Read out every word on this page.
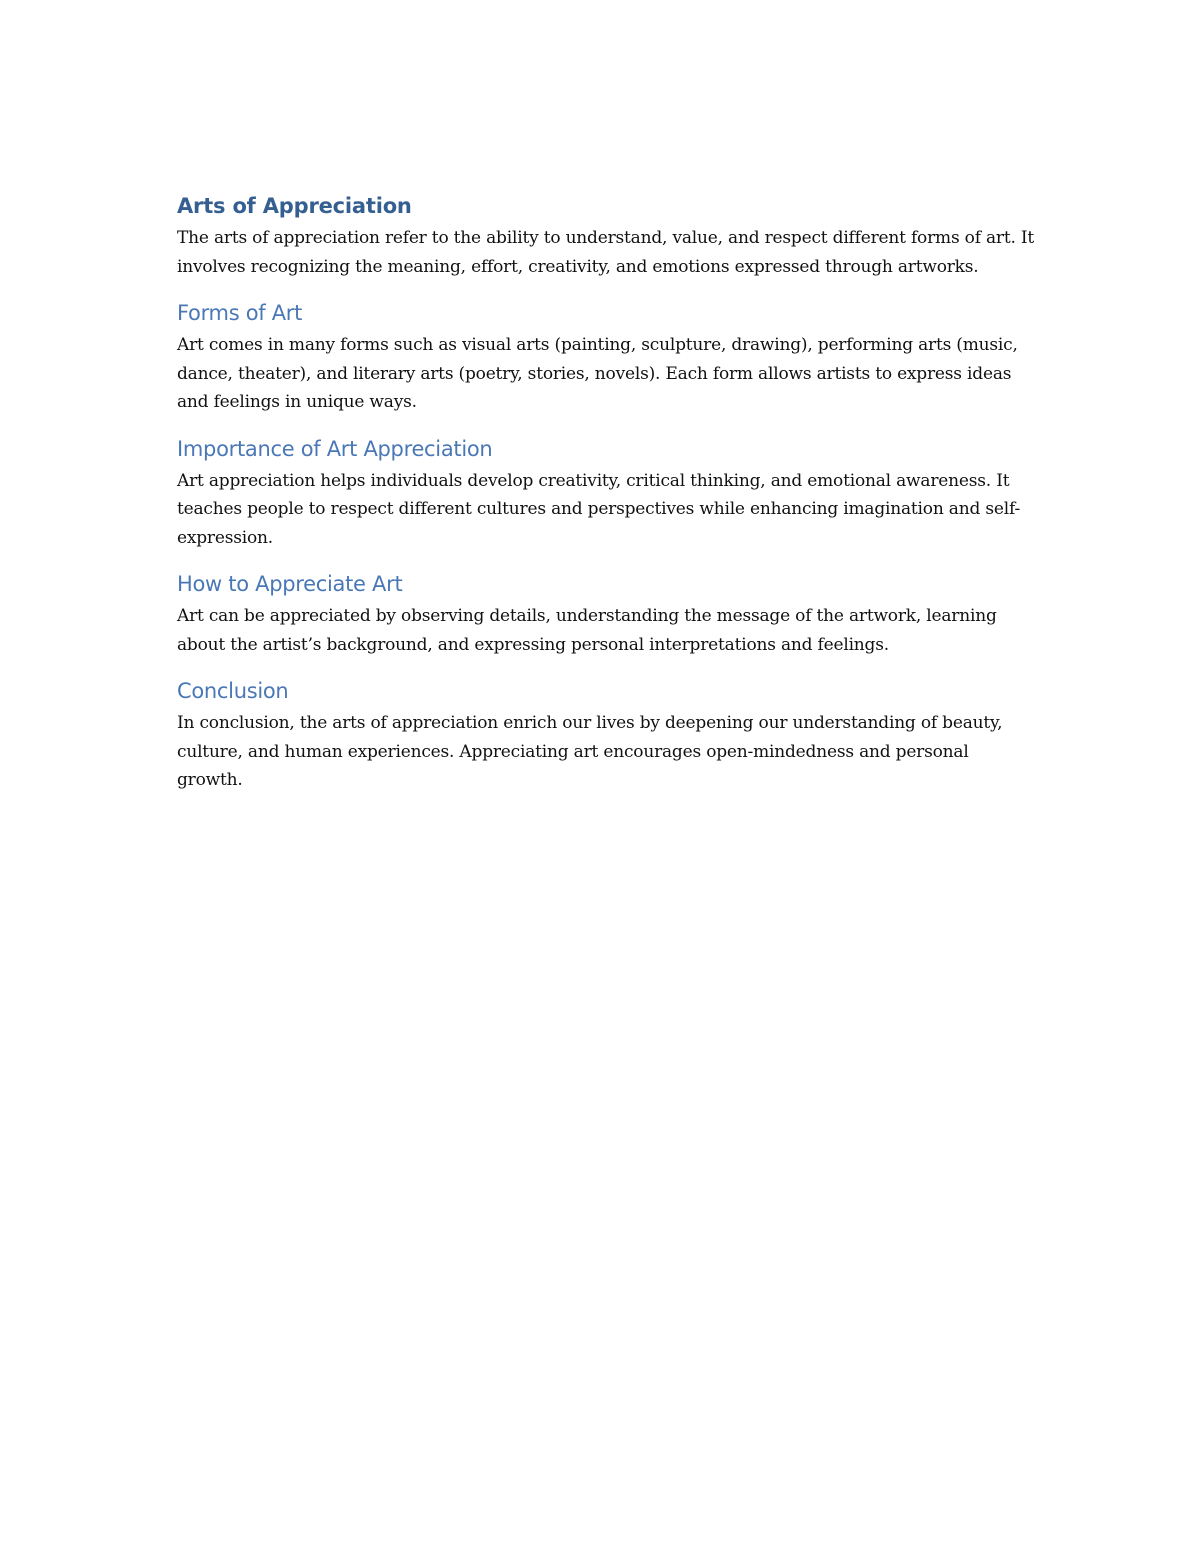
Arts of Appreciation

The arts of appreciation refer to the ability to understand, value, and respect different forms of art. It involves recognizing the meaning, effort, creativity, and emotions expressed through artworks.

Forms of Art

Art comes in many forms such as visual arts (painting, sculpture, drawing), performing arts (music, dance, theater), and literary arts (poetry, stories, novels). Each form allows artists to express ideas and feelings in unique ways.

Importance of Art Appreciation

Art appreciation helps individuals develop creativity, critical thinking, and emotional awareness. It teaches people to respect different cultures and perspectives while enhancing imagination and self-expression.

How to Appreciate Art

Art can be appreciated by observing details, understanding the message of the artwork, learning about the artist’s background, and expressing personal interpretations and feelings.

Conclusion

In conclusion, the arts of appreciation enrich our lives by deepening our understanding of beauty, culture, and human experiences. Appreciating art encourages open-mindedness and personal growth.
